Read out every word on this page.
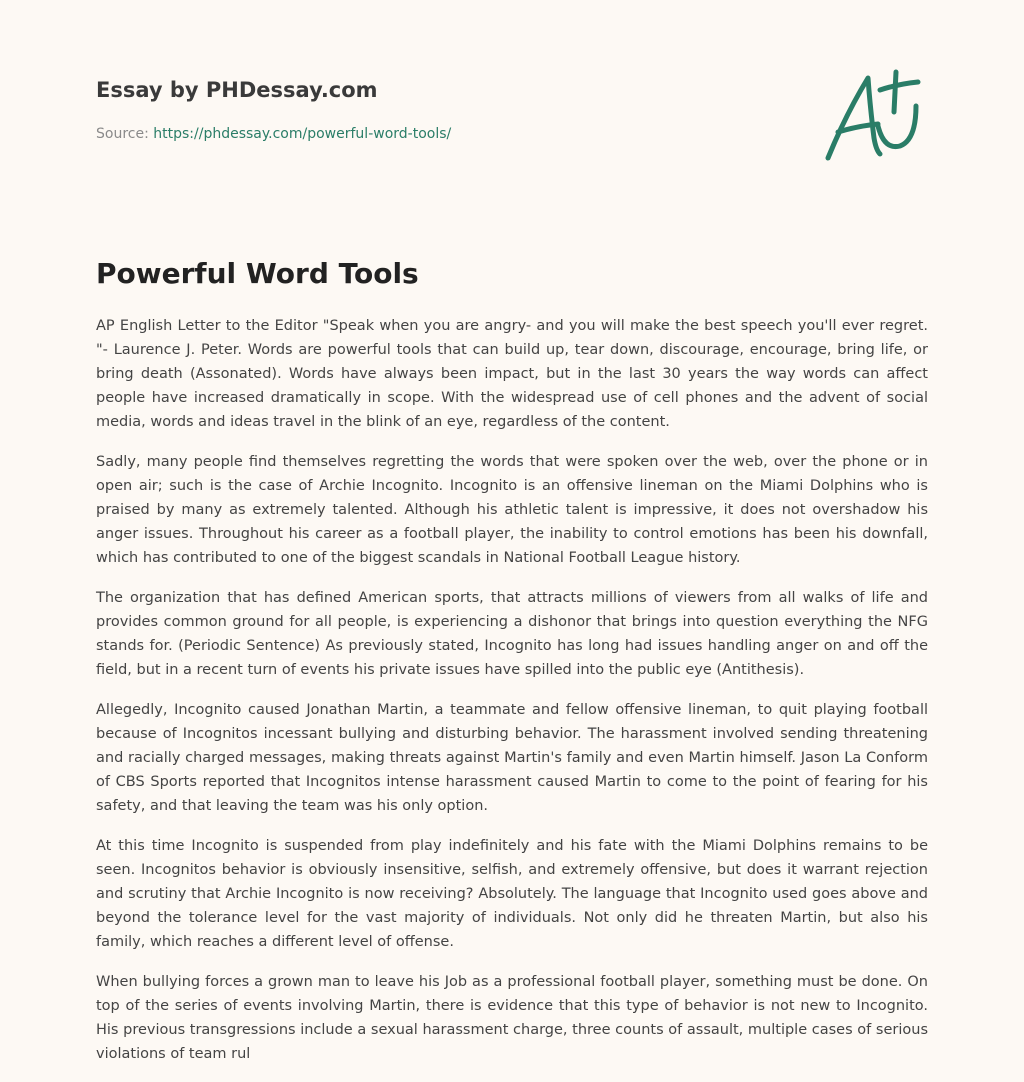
Essay by PHDessay.com

Source: https://phdessay.com/powerful-word-tools/
Powerful Word Tools

AP English Letter to the Editor "Speak when you are angry- and you will make the best speech you'll ever regret. "- Laurence J. Peter. Words are powerful tools that can build up, tear down, discourage, encourage, bring life, or bring death (Assonated). Words have always been impact, but in the last 30 years the way words can affect people have increased dramatically in scope. With the widespread use of cell phones and the advent of social media, words and ideas travel in the blink of an eye, regardless of the content.

Sadly, many people find themselves regretting the words that were spoken over the web, over the phone or in open air; such is the case of Archie Incognito. Incognito is an offensive lineman on the Miami Dolphins who is praised by many as extremely talented. Although his athletic talent is impressive, it does not overshadow his anger issues. Throughout his career as a football player, the inability to control emotions has been his downfall, which has contributed to one of the biggest scandals in National Football League history.

The organization that has defined American sports, that attracts millions of viewers from all walks of life and provides common ground for all people, is experiencing a dishonor that brings into question everything the NFG stands for. (Periodic Sentence) As previously stated, Incognito has long had issues handling anger on and off the field, but in a recent turn of events his private issues have spilled into the public eye (Antithesis).

Allegedly, Incognito caused Jonathan Martin, a teammate and fellow offensive lineman, to quit playing football because of Incognitos incessant bullying and disturbing behavior. The harassment involved sending threatening and racially charged messages, making threats against Martin's family and even Martin himself. Jason La Conform of CBS Sports reported that Incognitos intense harassment caused Martin to come to the point of fearing for his safety, and that leaving the team was his only option.

At this time Incognito is suspended from play indefinitely and his fate with the Miami Dolphins remains to be seen. Incognitos behavior is obviously insensitive, selfish, and extremely offensive, but does it warrant rejection and scrutiny that Archie Incognito is now receiving? Absolutely. The language that Incognito used goes above and beyond the tolerance level for the vast majority of individuals. Not only did he threaten Martin, but also his family, which reaches a different level of offense.

When bullying forces a grown man to leave his Job as a professional football player, something must be done. On top of the series of events involving Martin, there is evidence that this type of behavior is not new to Incognito. His previous transgressions include a sexual harassment charge, three counts of assault, multiple cases of serious violations of team rul
